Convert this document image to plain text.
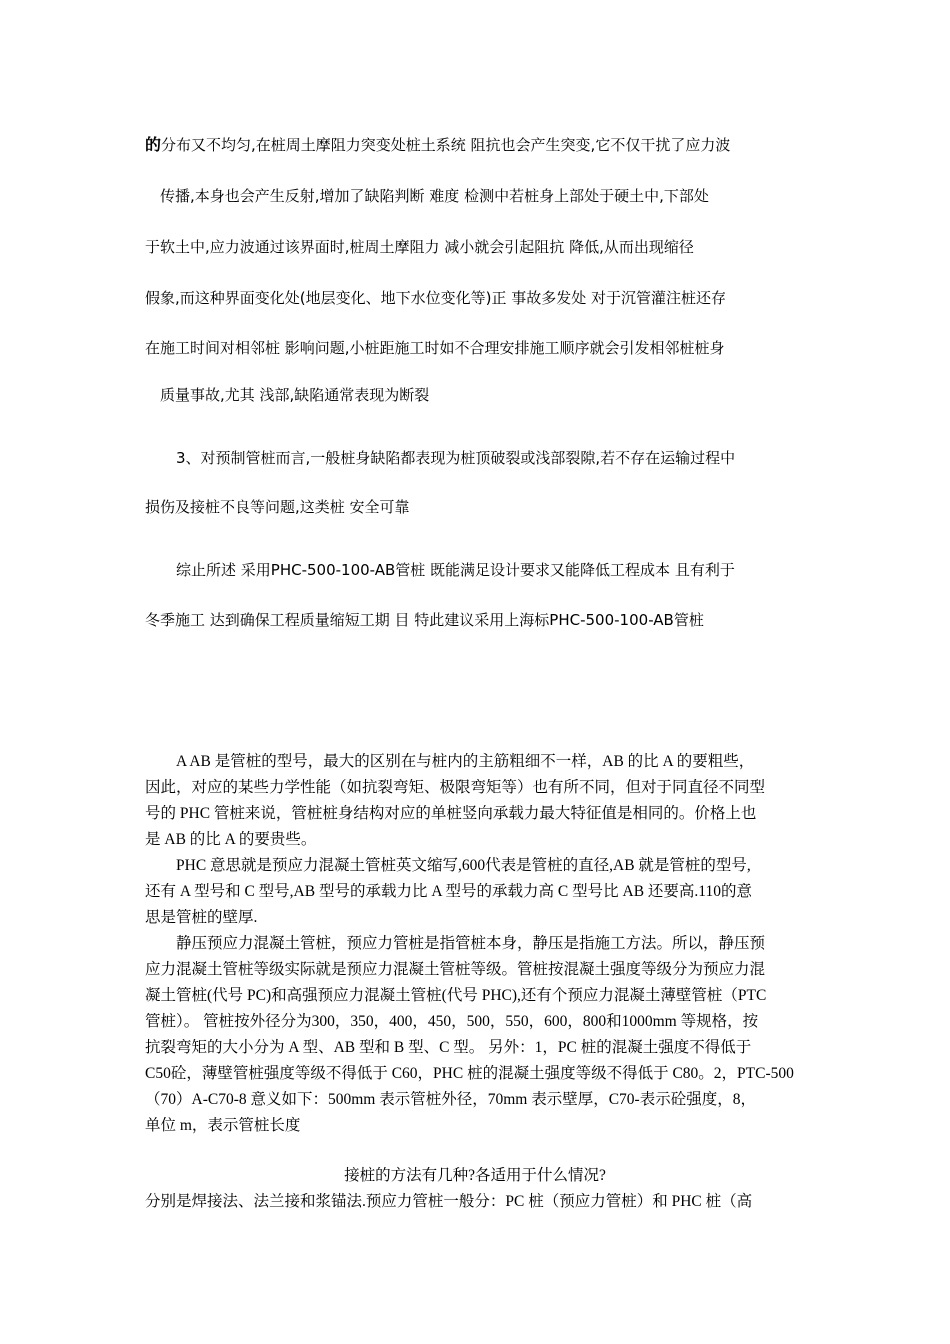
的分布又不均匀,在桩周土摩阻力突变处桩土系统 阻抗也会产生突变,它不仅干扰了应力波
传播,本身也会产生反射,增加了缺陷判断 难度 检测中若桩身上部处于硬土中,下部处
于软土中,应力波通过该界面时,桩周土摩阻力 减小就会引起阻抗 降低,从而出现缩径
假象,而这种界面变化处(地层变化、地下水位变化等)正 事故多发处 对于沉管灌注桩还存
在施工时间对相邻桩 影响问题,小桩距施工时如不合理安排施工顺序就会引发相邻桩桩身
质量事故,尤其 浅部,缺陷通常表现为断裂
3、对预制管桩而言,一般桩身缺陷都表现为桩顶破裂或浅部裂隙,若不存在运输过程中
损伤及接桩不良等问题,这类桩 安全可靠
综止所述 采用PHC-500-100-AB管桩 既能满足设计要求又能降低工程成本 且有利于
冬季施工 达到确保工程质量缩短工期 目 特此建议采用上海标PHC-500-100-AB管桩
A AB 是管桩的型号，最大的区别在与桩内的主筋粗细不一样，AB 的比 A 的要粗些，
因此，对应的某些力学性能（如抗裂弯矩、极限弯矩等）也有所不同，但对于同直径不同型
号的 PHC 管桩来说，管桩桩身结构对应的单桩竖向承载力最大特征值是相同的。价格上也
是 AB 的比 A 的要贵些。
PHC 意思就是预应力混凝土管桩英文缩写,600代表是管桩的直径,AB 就是管桩的型号,
还有 A 型号和 C 型号,AB 型号的承载力比 A 型号的承载力高 C 型号比 AB 还要高.110的意
思是管桩的壁厚.
静压预应力混凝土管桩，预应力管桩是指管桩本身，静压是指施工方法。所以，静压预
应力混凝土管桩等级实际就是预应力混凝土管桩等级。管桩按混凝土强度等级分为预应力混
凝土管桩(代号 PC)和高强预应力混凝土管桩(代号 PHC),还有个预应力混凝土薄壁管桩（PTC
管桩）。 管桩按外径分为300，350，400，450，500，550，600，800和1000mm 等规格，按
抗裂弯矩的大小分为 A 型、AB 型和 B 型、C 型。 另外：1，PC 桩的混凝土强度不得低于
C50砼，薄壁管桩强度等级不得低于 C60，PHC 桩的混凝土强度等级不得低于 C80。2，PTC-500
（70）A-C70-8 意义如下：500mm 表示管桩外径，70mm 表示壁厚，C70-表示砼强度，8，
单位 m，表示管桩长度
接桩的方法有几种?各适用于什么情况?
分别是焊接法、法兰接和浆锚法.预应力管桩一般分：PC 桩（预应力管桩）和 PHC 桩（高
